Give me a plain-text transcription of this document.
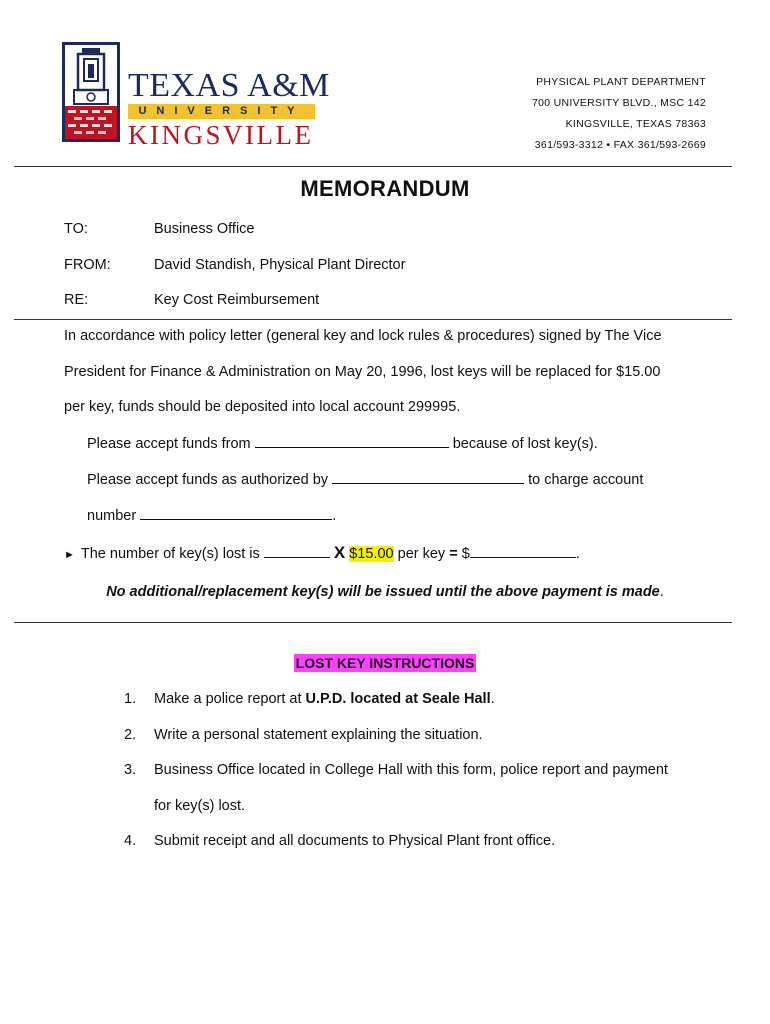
TEXAS A&M
UNIVERSITY
KINGSVILLE
PHYSICAL PLANT DEPARTMENT
700 UNIVERSITY BLVD., MSC 142
KINGSVILLE, TEXAS 78363
361/593-3312 • FAX 361/593-2669
MEMORANDUM
TO:	Business Office
FROM:	David Standish, Physical Plant Director
RE:	Key Cost Reimbursement
In accordance with policy letter (general key and lock rules & procedures) signed by The Vice
President for Finance & Administration on May 20, 1996, lost keys will be replaced for $15.00
per key, funds should be deposited into local account 299995.
Please accept funds from	because of lost key(s).
Please accept funds as authorized by	to charge account
number	.
► The number of key(s) lost is	X $15.00 per key = $	.
No additional/replacement key(s) will be issued until the above payment is made.
LOST KEY INSTRUCTIONS
1. Make a police report at U.P.D. located at Seale Hall.
2. Write a personal statement explaining the situation.
3. Business Office located in College Hall with this form, police report and payment
for key(s) lost.
4. Submit receipt and all documents to Physical Plant front office.
